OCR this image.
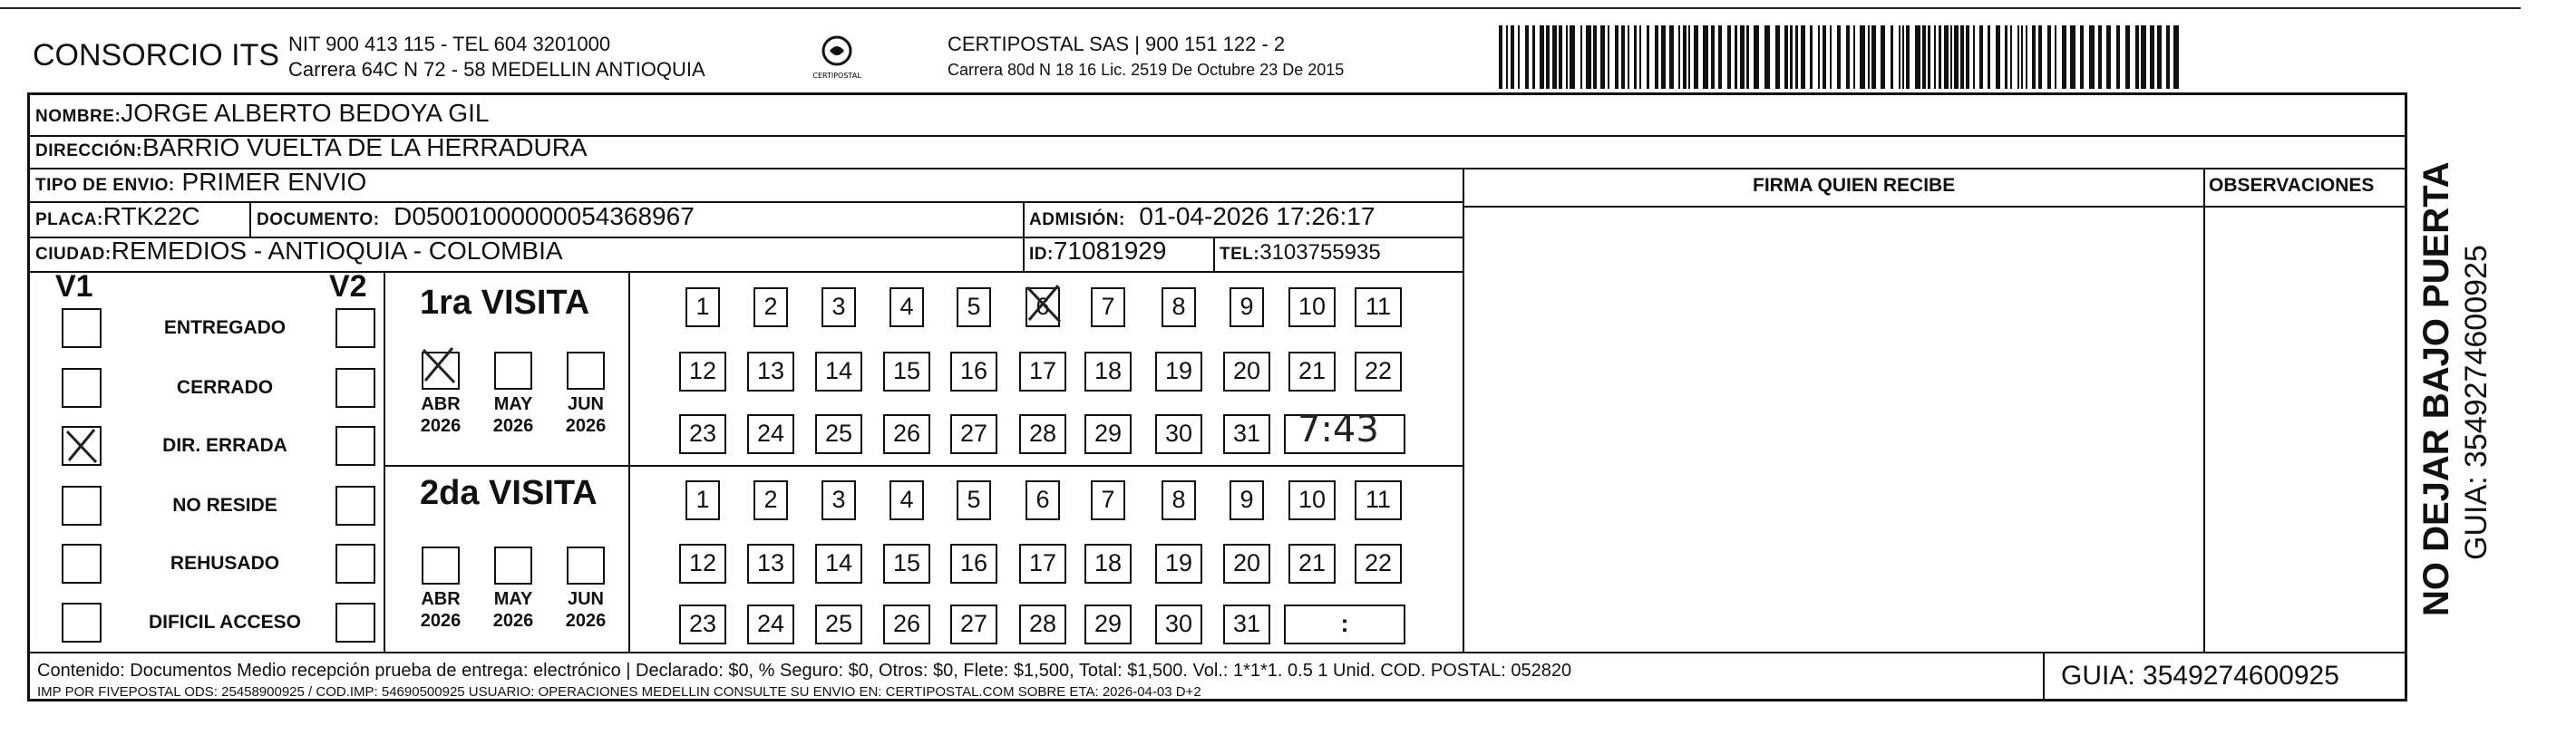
CONSORCIO ITS NIT 900 413 115 - TEL 604 3201000
Carrera 64C N 72 - 58 MEDELLIN ANTIOQUIA	CERTIPOSTAL
CERTIPOSTAL SAS | 900 151 122 - 2
Carrera 80d N 18 16 Lic. 2519 De Octubre 23 De 2015
NOMBRE:JORGE ALBERTO BEDOYA GIL
DIRECCIÓN:BARRIO VUELTA DE LA HERRADURA
TIPO DE ENVIO: PRIMER ENVIO	FIRMA QUIEN RECIBE	OBSERVACIONES
PLACA:RTK22C	DOCUMENTO: D05001000000054368967	ADMISIÓN: 01-04-2026 17:26:17
CIUDAD:REMEDIOS - ANTIOQUIA - COLOMBIA	ID:71081929	TEL:3103755935
V1	V2
ENTREGADO
CERRADO
DIR. ERRADA
NO RESIDE
REHUSADO
DIFICIL ACCESO
1ra VISITA
2da VISITA
ABR
2026
MAY
2026
JUN
2026
ABR
2026
MAY
2026
JUN
2026
1	2	3	4	5	6	7	8	9	10	11
12	13	14	15	16	17	18	19	20	21	22
23	24	25	26	27	28	29	30	31 7:43
1	2	3	4	5	6	7	8	9	10	11
12	13	14	15	16	17	18	19	20	21	22
23	24	25	26	27	28	29	30	31	:
Contenido: Documentos Medio recepción prueba de entrega: electrónico | Declarado: $0, % Seguro: $0, Otros: $0, Flete: $1,500, Total: $1,500. Vol.: 1*1*1. 0.5 1 Unid. COD. POSTAL: 052820
IMP POR FIVEPOSTAL ODS: 25458900925 / COD.IMP: 54690500925 USUARIO: OPERACIONES MEDELLIN CONSULTE SU ENVIO EN: CERTIPOSTAL.COM SOBRE ETA: 2026-04-03 D+2
GUIA: 3549274600925
NO DEJAR BAJO PUERTA GUIA: 3549274600925
